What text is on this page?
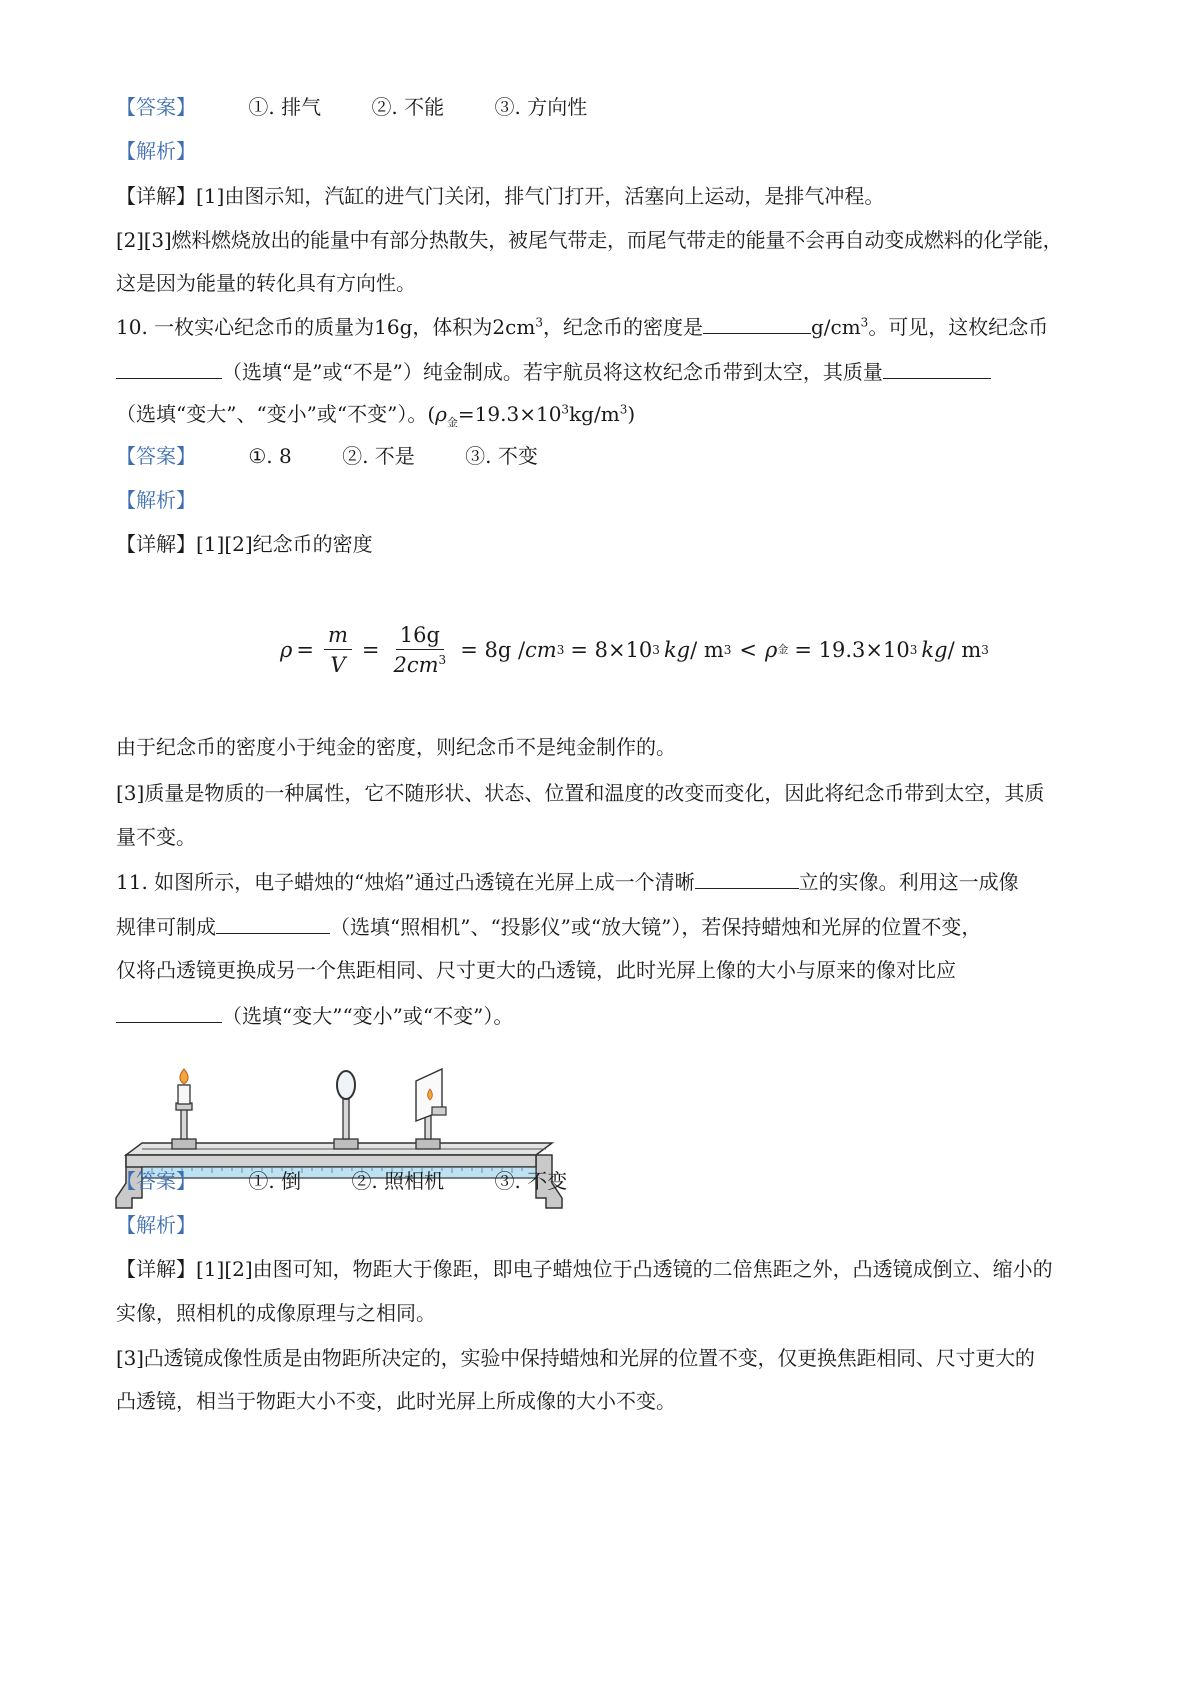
【答案】	①. 排气	②. 不能	③. 方向性
【解析】
【详解】[1]由图示知，汽缸的进气门关闭，排气门打开，活塞向上运动，是排气冲程。
[2][3]燃料燃烧放出的能量中有部分热散失，被尾气带走，而尾气带走的能量不会再自动变成燃料的化学能，
这是因为能量的转化具有方向性。
10. 一枚实心纪念币的质量为16g，体积为$2cm^3$，纪念币的密度是	$g/cm^3$。可见，这枚纪念币
（选填“是”或“不是”）纯金制成。若宇航员将这枚纪念币带到太空，其质量
（选填“变大”、“变小”或“不变”）。$(\rho_金=19.3\times 10^3kg/m^3)$
【答案】	①. 8	②. 不是	③. 不变
【解析】
【详解】[1][2]纪念币的密度
$\rho = \frac{m}{V} = \frac{16g}{2cm^3} = 8g$ / cm 3 = 8×10 3 kg / m 3 < ρ 金 = 19.3×10 3 kg / m 3
由于纪念币的密度小于纯金的密度，则纪念币不是纯金制作的。
[3]质量是物质的一种属性，它不随形状、状态、位置和温度的改变而变化，因此将纪念币带到太空，其质
量不变。
11. 如图所示，电子蜡烛的“烛焰”通过凸透镜在光屏上成一个清晰	立的实像。利用这一成像
规律可制成	（选填“照相机”、“投影仪”或“放大镜”），若保持蜡烛和光屏的位置不变，
仅将凸透镜更换成另一个焦距相同、尺寸更大的凸透镜，此时光屏上像的大小与原来的像对比应
（选填“变大”“变小”或“不变”）。
【答案】	①. 倒	②. 照相机	③. 不变
【解析】
【详解】[1][2]由图可知，物距大于像距，即电子蜡烛位于凸透镜的二倍焦距之外，凸透镜成倒立、缩小的
实像，照相机的成像原理与之相同。
[3]凸透镜成像性质是由物距所决定的，实验中保持蜡烛和光屏的位置不变，仅更换焦距相同、尺寸更大的
凸透镜，相当于物距大小不变，此时光屏上所成像的大小不变。
